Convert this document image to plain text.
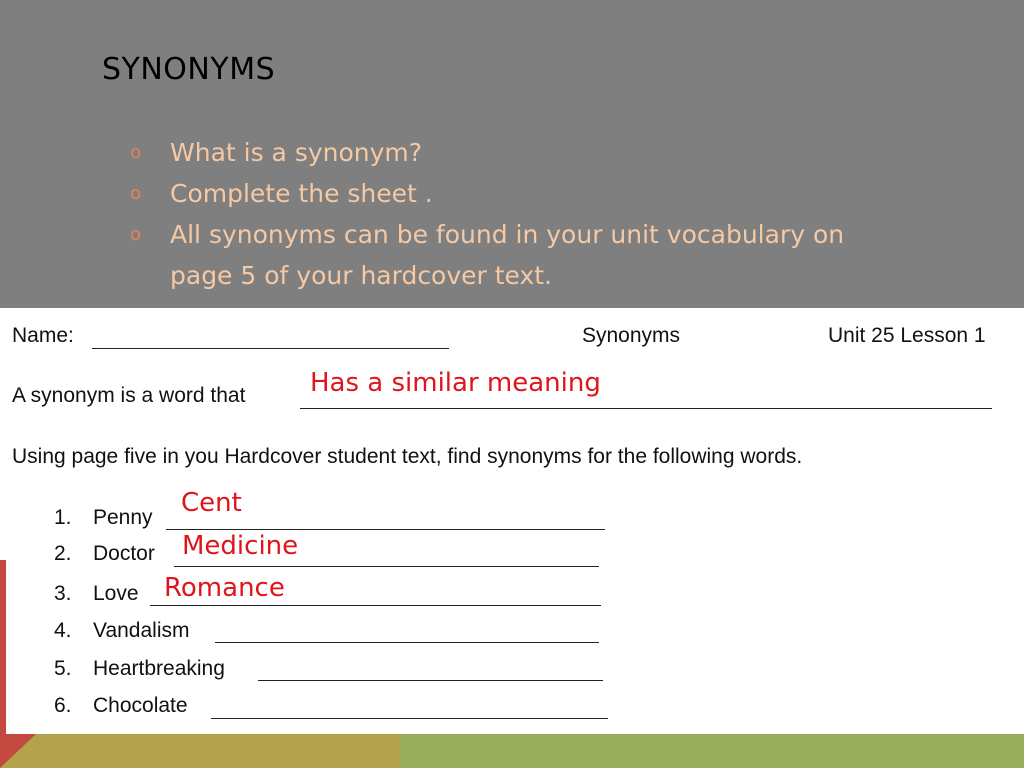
SYNONYMS
o What is a synonym?
o Complete the sheet .
o All synonyms can be found in your unit vocabulary on page 5 of your hardcover text.
Name:	Synonyms	Unit 25 Lesson 1
A synonym is a word that Has a similar meaning
Using page five in you Hardcover student text, find synonyms for the following words.
1. Penny Cent
2. Doctor Medicine
3. Love Romance
4. Vandalism
5. Heartbreaking
6. Chocolate
